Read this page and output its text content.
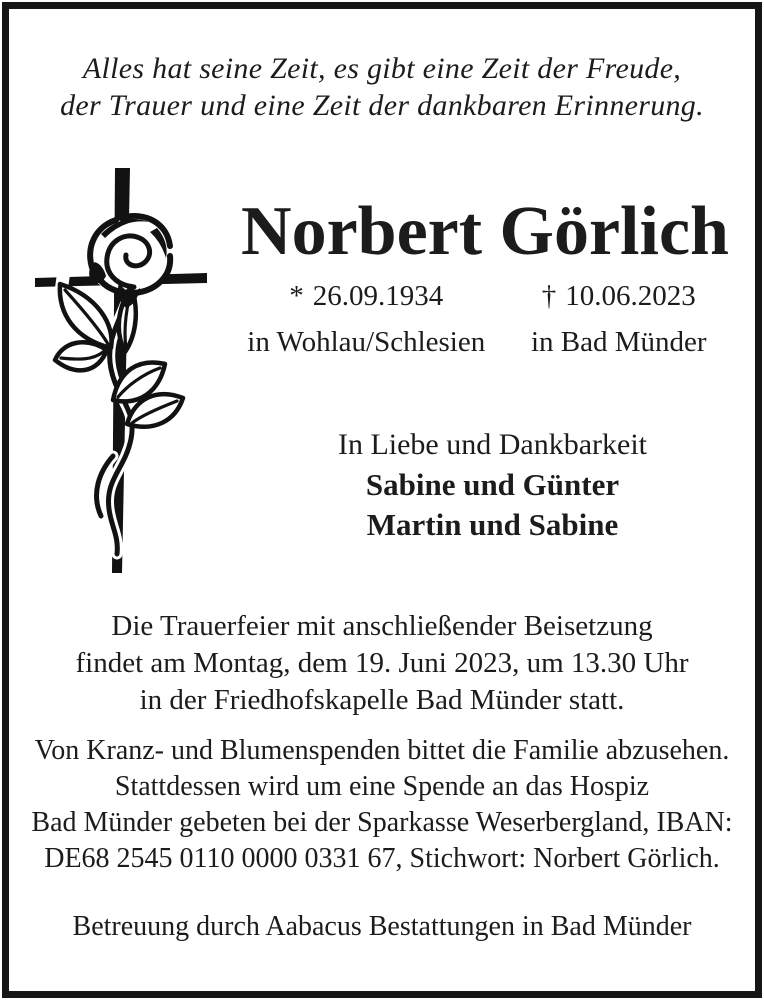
Alles hat seine Zeit, es gibt eine Zeit der Freude,
der Trauer und eine Zeit der dankbaren Erinnerung.
Norbert Görlich
* 26.09.1934
in Wohlau/Schlesien
† 10.06.2023
in Bad Münder
In Liebe und Dankbarkeit
Sabine und Günter
Martin und Sabine
Die Trauerfeier mit anschließender Beisetzung
findet am Montag, dem 19. Juni 2023, um 13.30 Uhr
in der Friedhofskapelle Bad Münder statt.
Von Kranz- und Blumenspenden bittet die Familie abzusehen.
Stattdessen wird um eine Spende an das Hospiz
Bad Münder gebeten bei der Sparkasse Weserbergland, IBAN:
DE68 2545 0110 0000 0331 67, Stichwort: Norbert Görlich.
Betreuung durch Aabacus Bestattungen in Bad Münder
